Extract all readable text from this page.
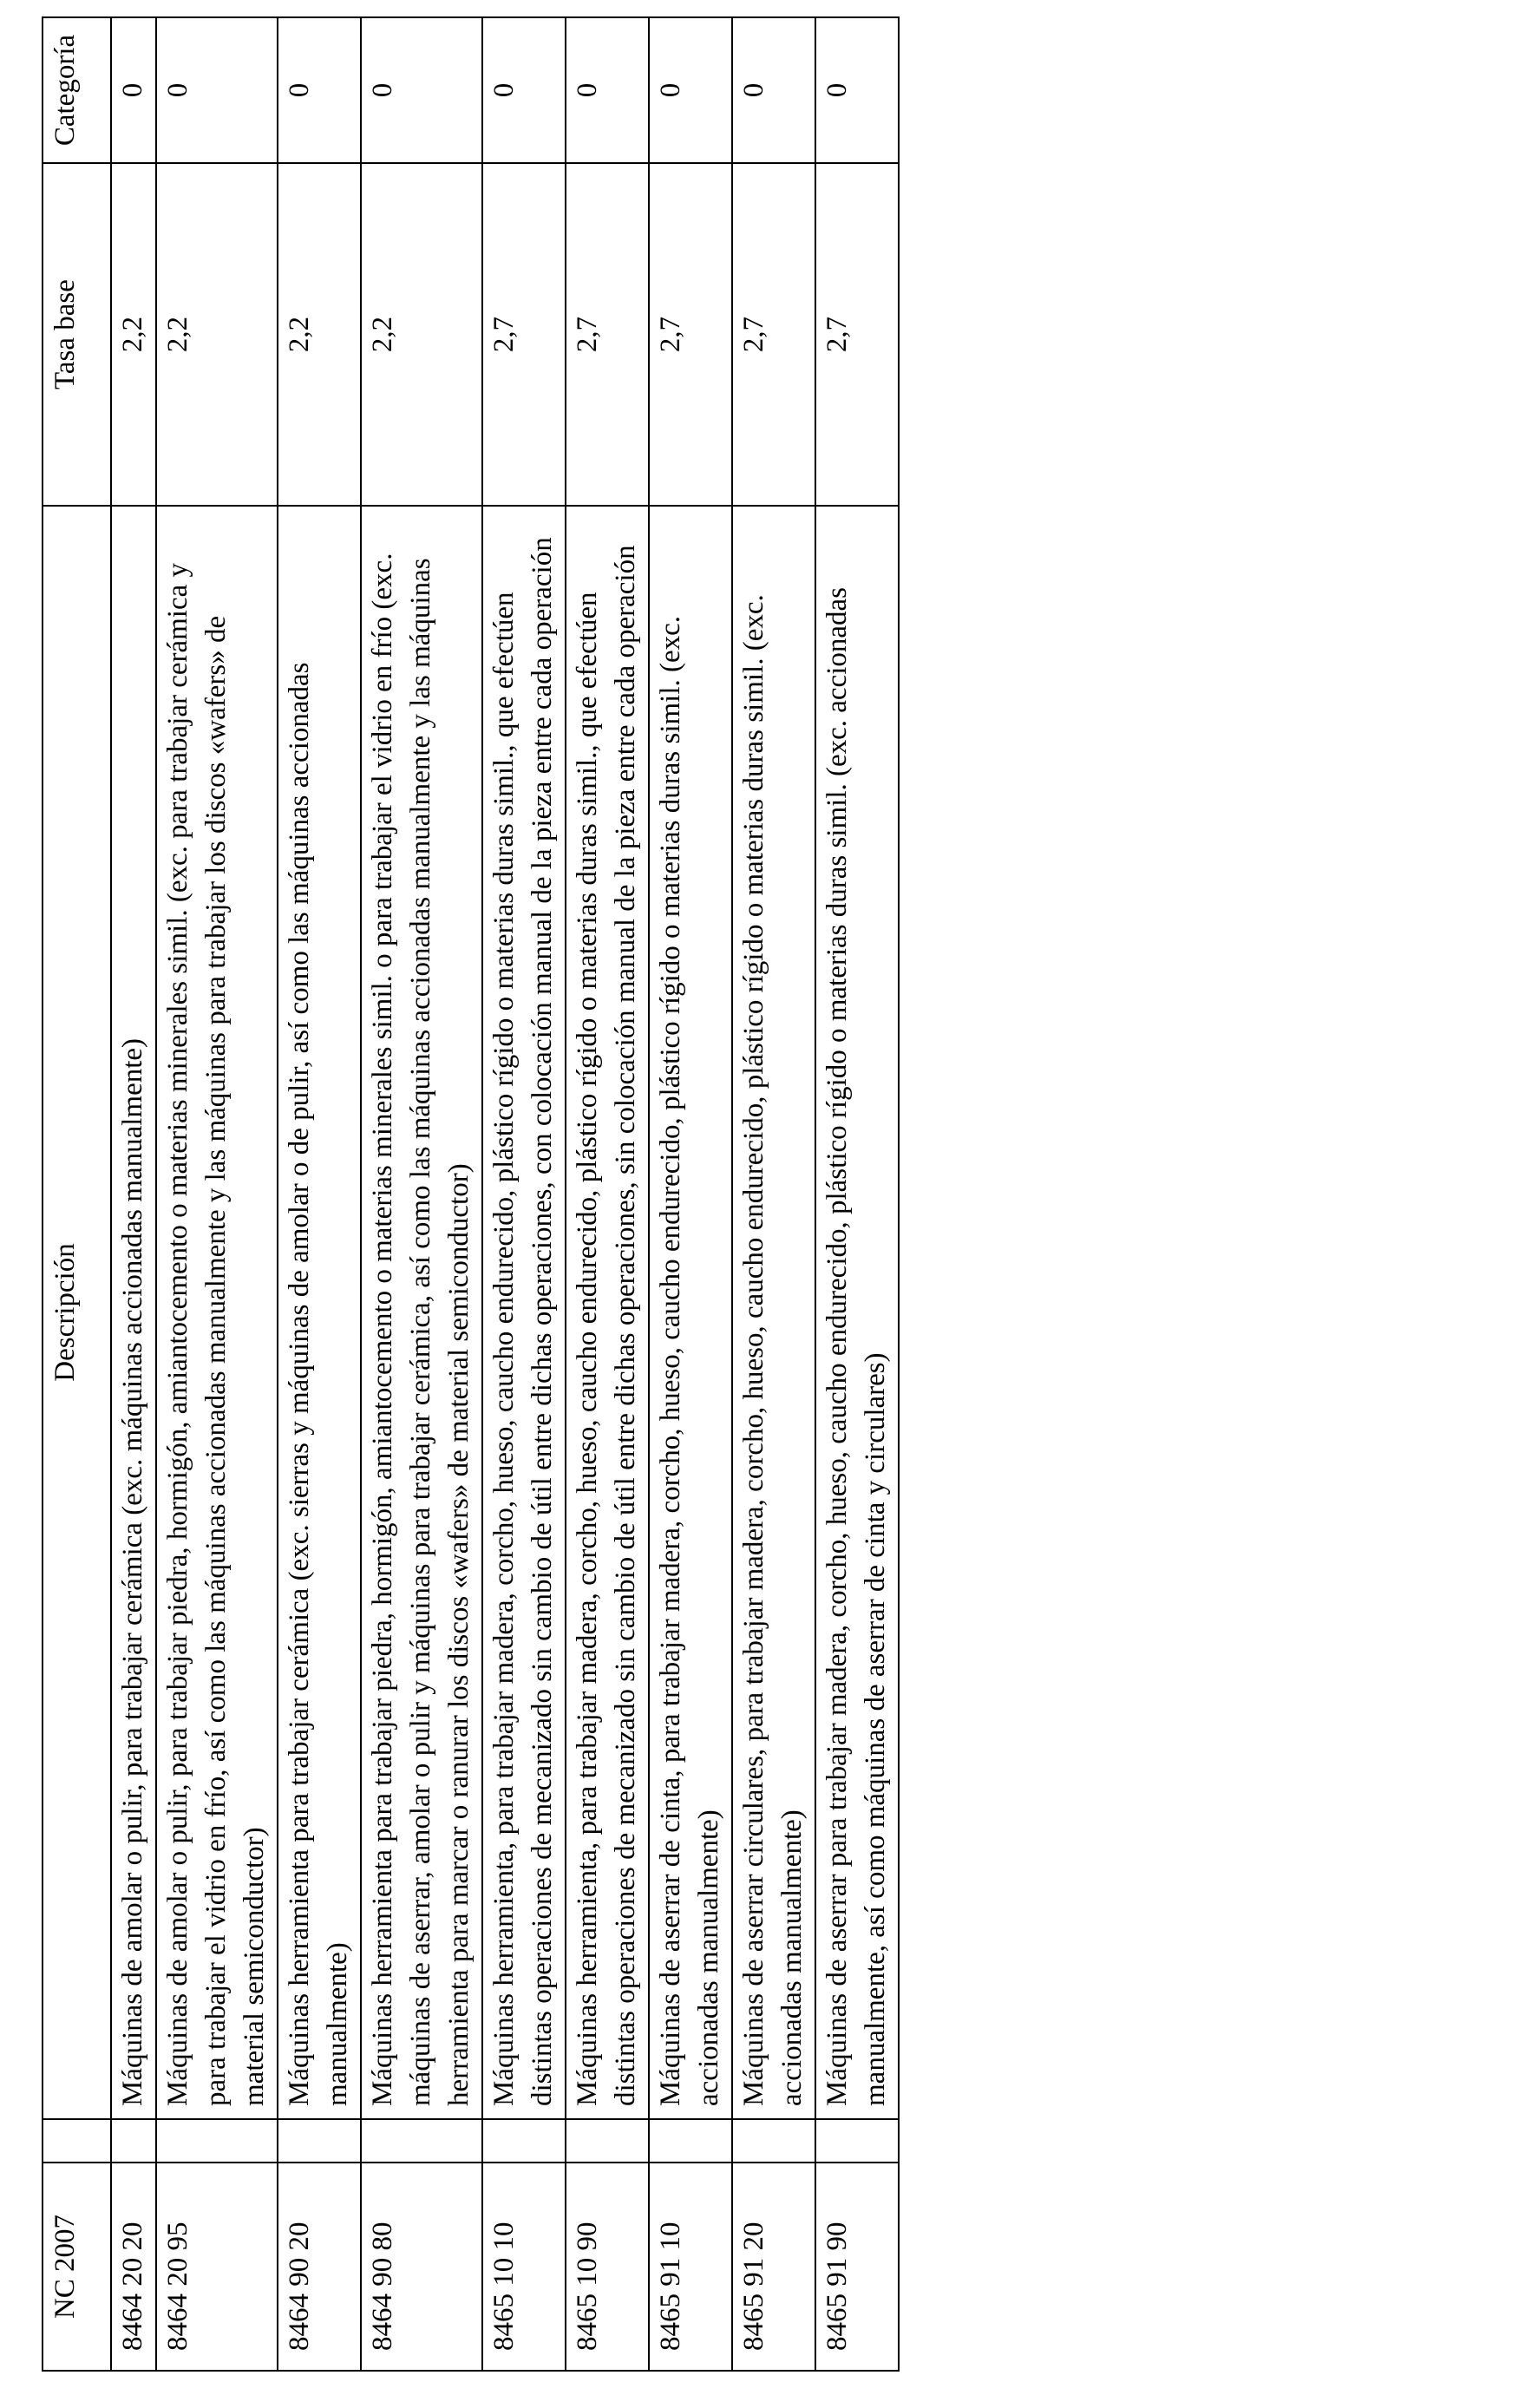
NC 2007		Descripción	Tasa base	Categoría
8464 20 20		Máquinas de amolar o pulir, para trabajar cerámica (exc. máquinas accionadas manualmente)	2,2	0
8464 20 95		Máquinas de amolar o pulir, para trabajar piedra, hormigón, amiantocemento o materias minerales simil. (exc. para trabajar cerámica y para trabajar el vidrio en frío, así como las máquinas accionadas manualmente y las máquinas para trabajar los discos «wafers» de material semiconductor)	2,2	0
8464 90 20		Máquinas herramienta para trabajar cerámica (exc. sierras y máquinas de amolar o de pulir, así como las máquinas accionadas manualmente)	2,2	0
8464 90 80		Máquinas herramienta para trabajar piedra, hormigón, amiantocemento o materias minerales simil. o para trabajar el vidrio en frío (exc. máquinas de aserrar, amolar o pulir y máquinas para trabajar cerámica, así como las máquinas accionadas manualmente y las máquinas herramienta para marcar o ranurar los discos «wafers» de material semiconductor)	2,2	0
8465 10 10		Máquinas herramienta, para trabajar madera, corcho, hueso, caucho endurecido, plástico rígido o materias duras simil., que efectúen distintas operaciones de mecanizado sin cambio de útil entre dichas operaciones, con colocación manual de la pieza entre cada operación	2,7	0
8465 10 90		Máquinas herramienta, para trabajar madera, corcho, hueso, caucho endurecido, plástico rígido o materias duras simil., que efectúen distintas operaciones de mecanizado sin cambio de útil entre dichas operaciones, sin colocación manual de la pieza entre cada operación	2,7	0
8465 91 10		Máquinas de aserrar de cinta, para trabajar madera, corcho, hueso, caucho endurecido, plástico rígido o materias duras simil. (exc. accionadas manualmente)	2,7	0
8465 91 20		Máquinas de aserrar circulares, para trabajar madera, corcho, hueso, caucho endurecido, plástico rígido o materias duras simil. (exc. accionadas manualmente)	2,7	0
8465 91 90		Máquinas de aserrar para trabajar madera, corcho, hueso, caucho endurecido, plástico rígido o materias duras simil. (exc. accionadas manualmente, así como máquinas de aserrar de cinta y circulares)	2,7	0
